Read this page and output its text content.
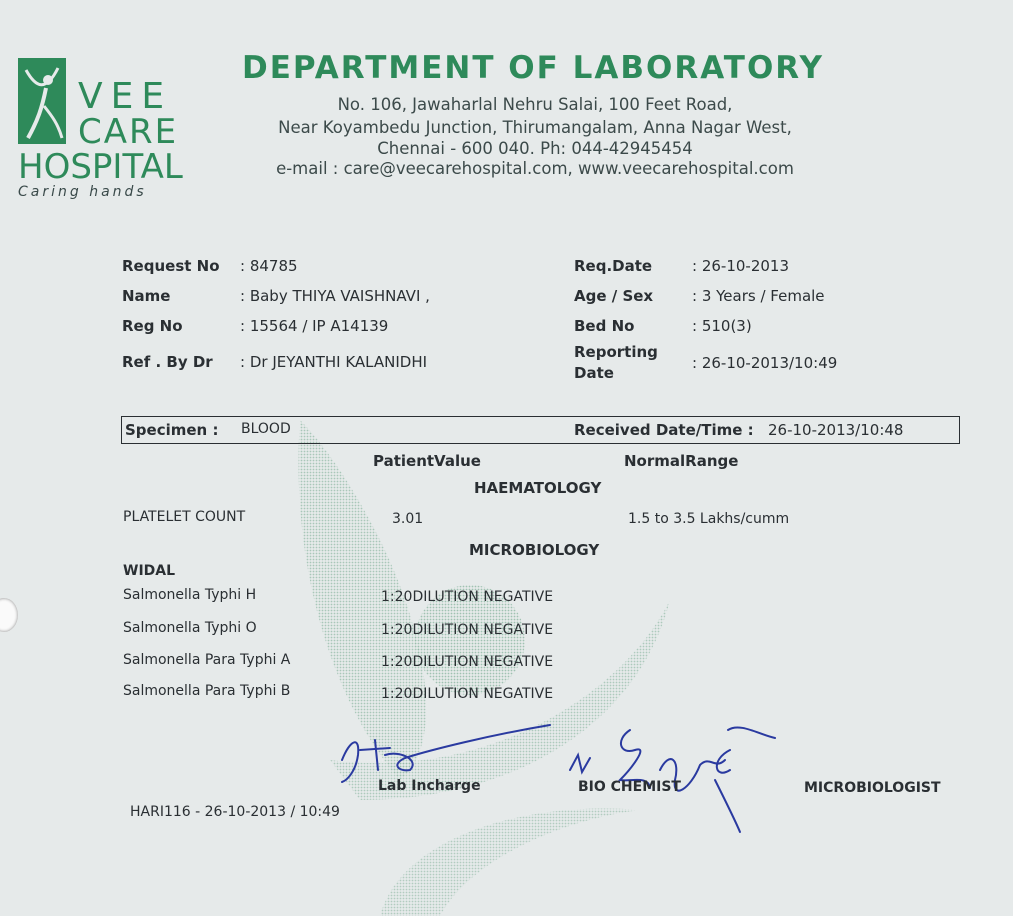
VEE
CARE
HOSPITAL
Caring hands
DEPARTMENT OF LABORATORY
No. 106, Jawaharlal Nehru Salai, 100 Feet Road,
Near Koyambedu Junction, Thirumangalam, Anna Nagar West,
Chennai - 600 040. Ph: 044-42945454
e-mail : care@veecarehospital.com, www.veecarehospital.com
Request No	: 84785
Name	: Baby THIYA VAISHNAVI ,
Reg No	: 15564 / IP A14139
Ref . By Dr	: Dr JEYANTHI KALANIDHI
Req.Date	: 26-10-2013
Age / Sex	: 3 Years / Female
Bed No	: 510(3)
Reporting
Date
: 26-10-2013/10:49
Specimen : BLOOD	Received Date/Time : 26-10-2013/10:48
PatientValue	NormalRange
HAEMATOLOGY
PLATELET COUNT	3.01	1.5 to 3.5 Lakhs/cumm
MICROBIOLOGY
WIDAL
Salmonella Typhi H	1:20DILUTION NEGATIVE
Salmonella Typhi O	1:20DILUTION NEGATIVE
Salmonella Para Typhi A	1:20DILUTION NEGATIVE
Salmonella Para Typhi B	1:20DILUTION NEGATIVE
Lab Incharge	BIO CHEMIST	MICROBIOLOGIST
HARI116 - 26-10-2013 / 10:49
